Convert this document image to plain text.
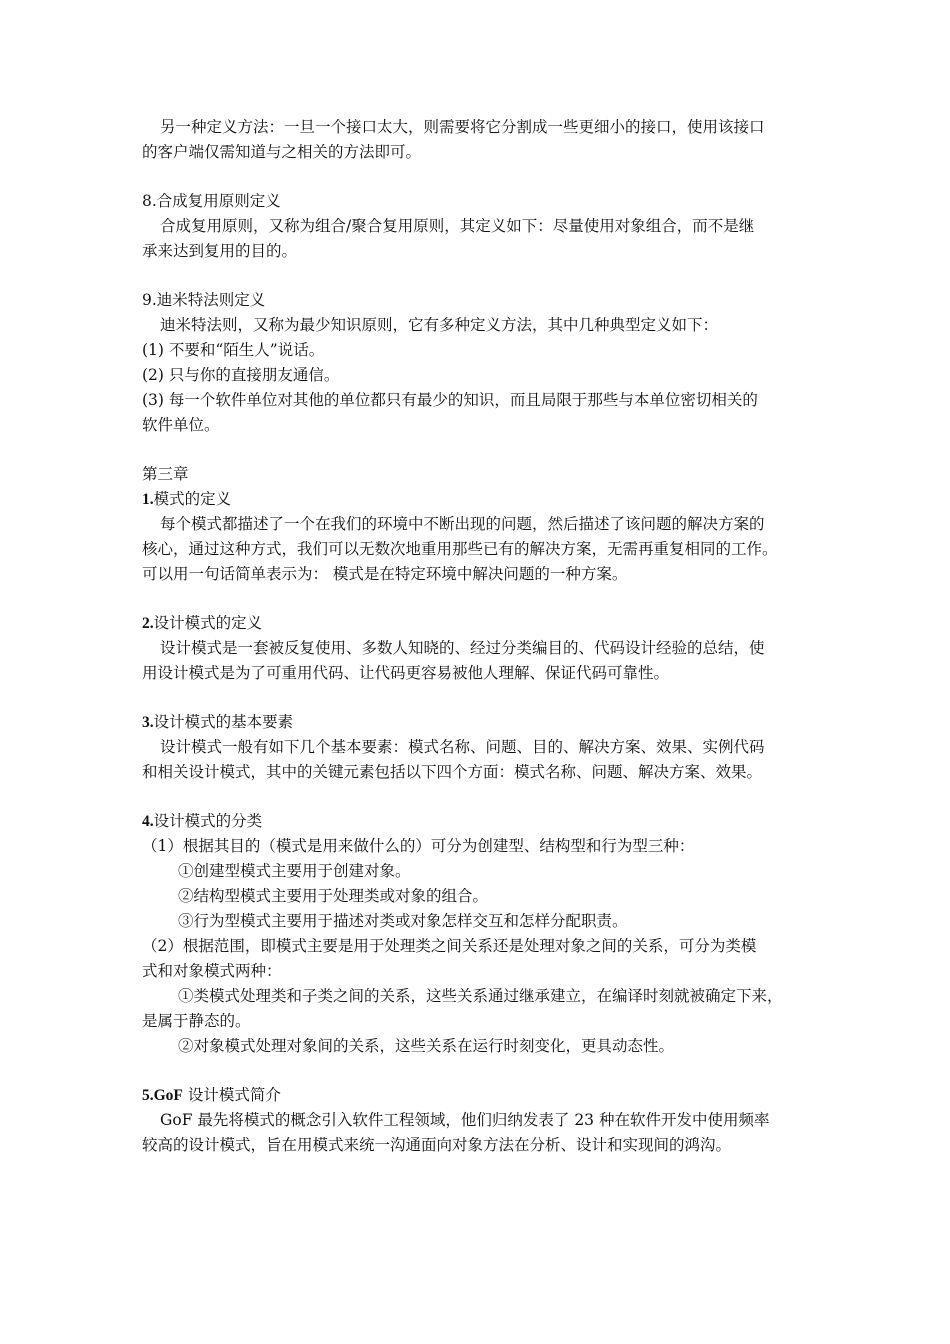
另一种定义方法：一旦一个接口太大，则需要将它分割成一些更细小的接口，使用该接口
的客户端仅需知道与之相关的方法即可。
8.合成复用原则定义
合成复用原则，又称为组合/聚合复用原则，其定义如下：尽量使用对象组合，而不是继
承来达到复用的目的。
9.迪米特法则定义
迪米特法则，又称为最少知识原则，它有多种定义方法，其中几种典型定义如下：
(1) 不要和“陌生人”说话。
(2) 只与你的直接朋友通信。
(3) 每一个软件单位对其他的单位都只有最少的知识，而且局限于那些与本单位密切相关的
软件单位。
第三章
1.模式的定义
每个模式都描述了一个在我们的环境中不断出现的问题，然后描述了该问题的解决方案的
核心，通过这种方式，我们可以无数次地重用那些已有的解决方案，无需再重复相同的工作。
可以用一句话简单表示为： 模式是在特定环境中解决问题的一种方案。
2.设计模式的定义
设计模式是一套被反复使用、多数人知晓的、经过分类编目的、代码设计经验的总结，使
用设计模式是为了可重用代码、让代码更容易被他人理解、保证代码可靠性。
3.设计模式的基本要素
设计模式一般有如下几个基本要素：模式名称、问题、目的、解决方案、效果、实例代码
和相关设计模式，其中的关键元素包括以下四个方面：模式名称、问题、解决方案、效果。
4.设计模式的分类
（1）根据其目的（模式是用来做什么的）可分为创建型、结构型和行为型三种：
①创建型模式主要用于创建对象。
②结构型模式主要用于处理类或对象的组合。
③行为型模式主要用于描述对类或对象怎样交互和怎样分配职责。
（2）根据范围，即模式主要是用于处理类之间关系还是处理对象之间的关系，可分为类模
式和对象模式两种：
①类模式处理类和子类之间的关系，这些关系通过继承建立，在编译时刻就被确定下来，
是属于静态的。
②对象模式处理对象间的关系，这些关系在运行时刻变化，更具动态性。
5.GoF 设计模式简介
GoF 最先将模式的概念引入软件工程领域，他们归纳发表了 23 种在软件开发中使用频率
较高的设计模式，旨在用模式来统一沟通面向对象方法在分析、设计和实现间的鸿沟。
